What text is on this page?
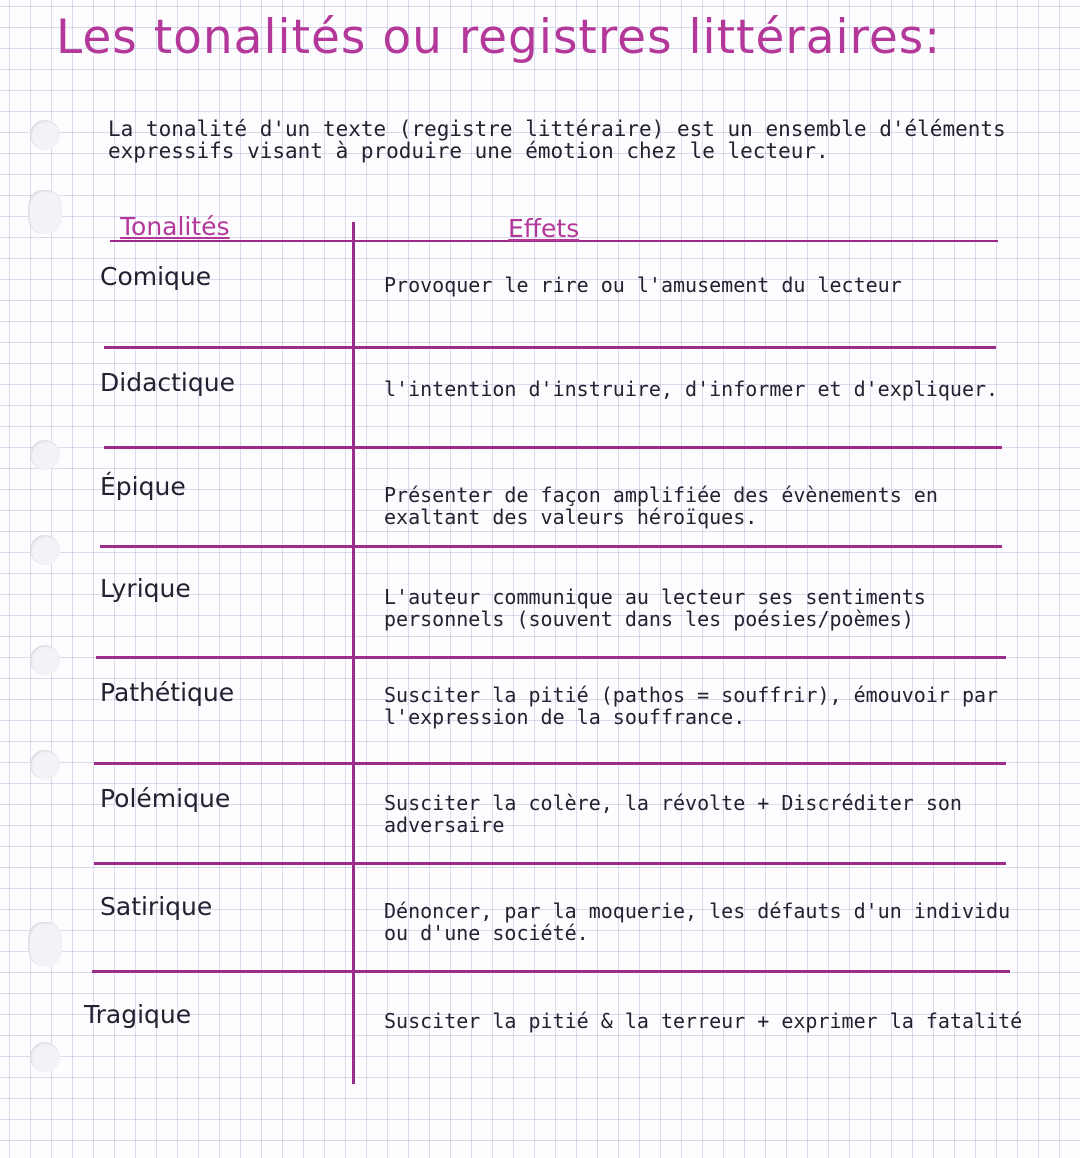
Les tonalités ou registres littéraires:

La tonalité d'un texte (registre littéraire) est un ensemble d'éléments expressifs visant à produire une émotion chez le lecteur.

Tonalités	Effets
Comique	Provoquer le rire ou l'amusement du lecteur
Didactique	l'intention d'instruire, d'informer et d'expliquer.
Épique	Présenter de façon amplifiée des évènements en exaltant des valeurs héroïques.
Lyrique	L'auteur communique au lecteur ses sentiments personnels (souvent dans les poésies/poèmes)
Pathétique	Susciter la pitié (pathos = souffrir), émouvoir par l'expression de la souffrance.
Polémique	Susciter la colère, la révolte + Discréditer son adversaire
Satirique	Dénoncer, par la moquerie, les défauts d'un individu ou d'une société.
Tragique	Susciter la pitié & la terreur + exprimer la fatalité
